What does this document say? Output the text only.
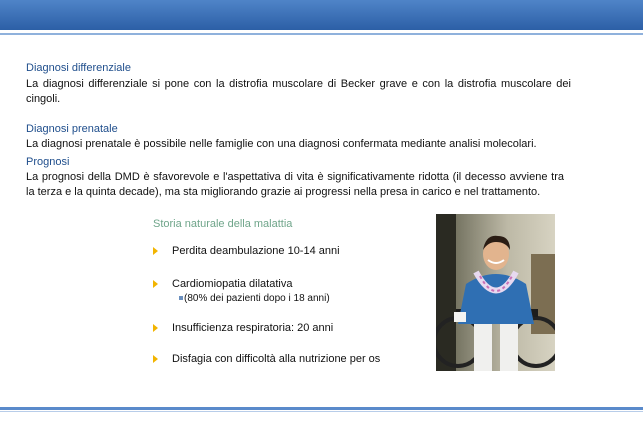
Diagnosi differenziale
La diagnosi differenziale si pone con la distrofia muscolare di Becker grave e con la distrofia muscolare dei cingoli.
Diagnosi prenatale
La diagnosi prenatale è possibile nelle famiglie con una diagnosi confermata mediante analisi molecolari.
Prognosi
La prognosi della DMD è sfavorevole e l'aspettativa di vita è significativamente ridotta (il decesso avviene tra la terza e la quinta decade), ma sta migliorando grazie ai progressi nella presa in carico e nel trattamento.
Storia naturale della malattia
Perdita deambulazione 10-14 anni
Cardiomiopatia dilatativa
(80% dei pazienti dopo i 18 anni)
Insufficienza respiratoria: 20 anni
Disfagia con difficoltà alla nutrizione per os
